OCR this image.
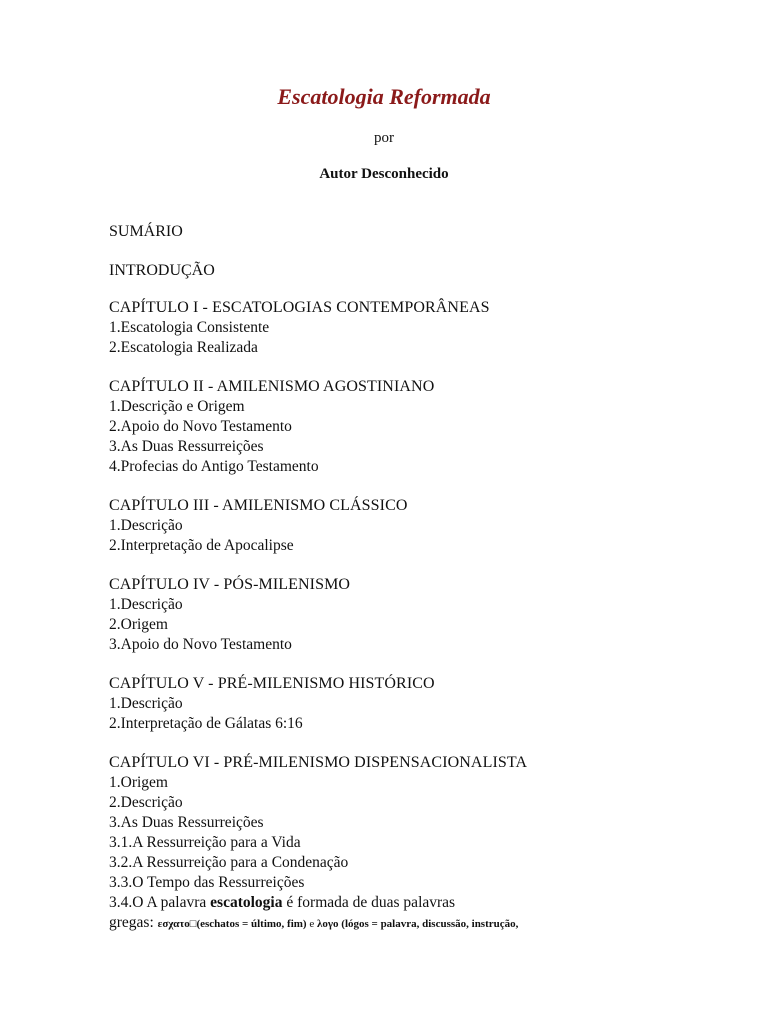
Escatologia Reformada
por
Autor Desconhecido
SUMÁRIO
INTRODUÇÃO
CAPÍTULO I - ESCATOLOGIAS CONTEMPORÂNEAS
1.Escatologia Consistente
2.Escatologia Realizada
CAPÍTULO II - AMILENISMO AGOSTINIANO
1.Descrição e Origem
2.Apoio do Novo Testamento
3.As Duas Ressurreições
4.Profecias do Antigo Testamento
CAPÍTULO III - AMILENISMO CLÁSSICO
1.Descrição
2.Interpretação de Apocalipse
CAPÍTULO IV - PÓS-MILENISMO
1.Descrição
2.Origem
3.Apoio do Novo Testamento
CAPÍTULO V - PRÉ-MILENISMO HISTÓRICO
1.Descrição
2.Interpretação de Gálatas 6:16
CAPÍTULO VI - PRÉ-MILENISMO DISPENSACIONALISTA
1.Origem
2.Descrição
3.As Duas Ressurreições
3.1.A Ressurreição para a Vida
3.2.A Ressurreição para a Condenação
3.3.O Tempo das Ressurreições
3.4.O A palavra escatologia é formada de duas palavras
gregas: εσχατο□(eschatos = último, fim) e λογο (lógos = palavra, discussão, instrução,
